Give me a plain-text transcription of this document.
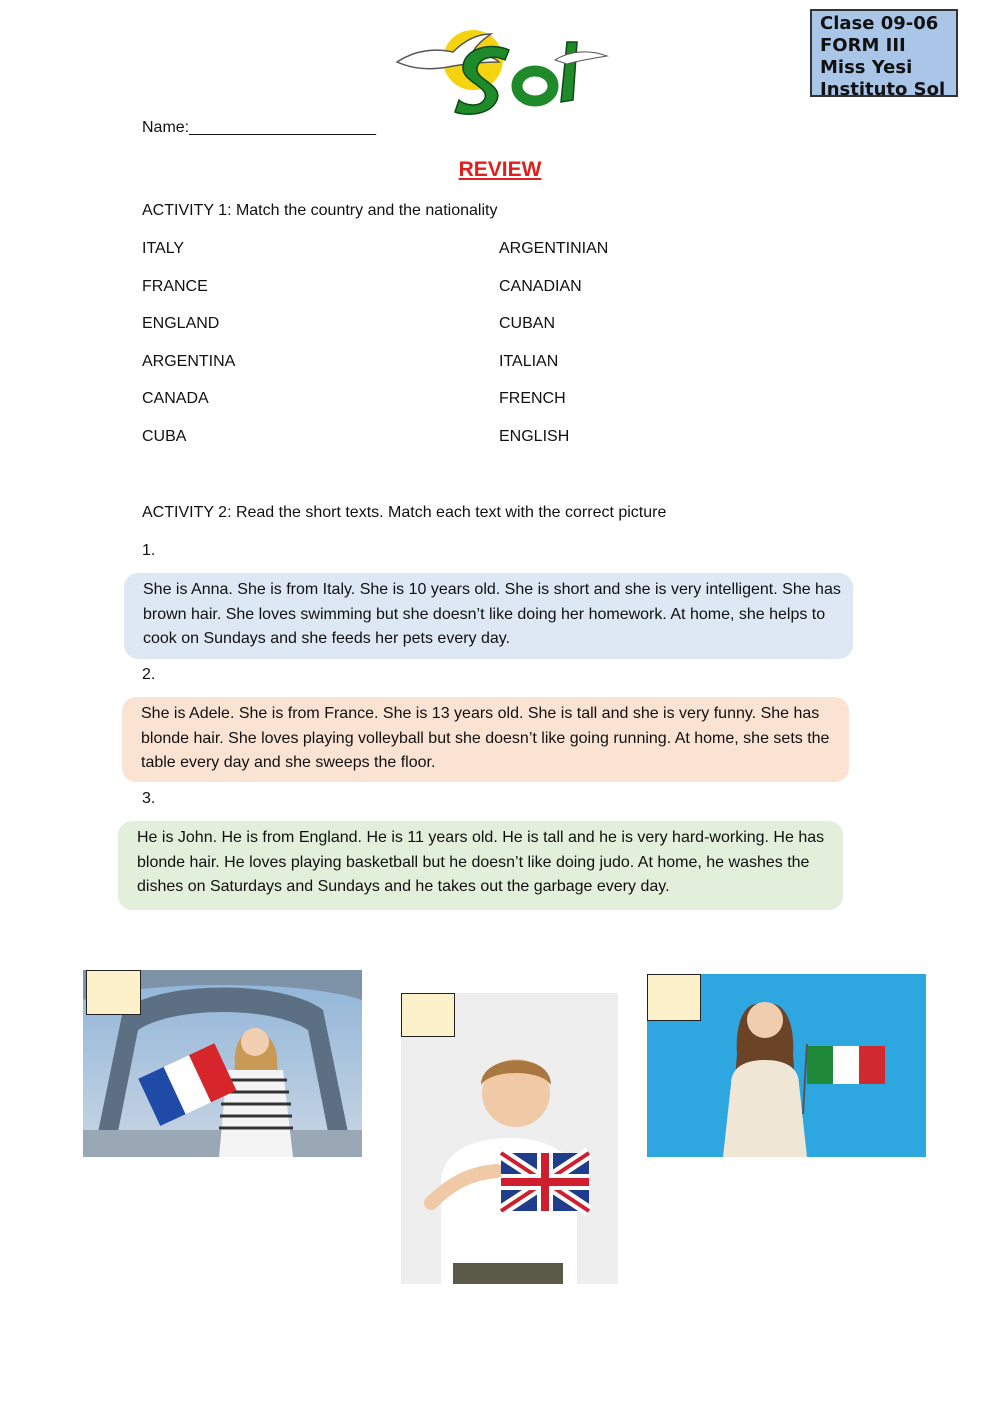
Clase 09-06
FORM III
Miss Yesi
Instituto Sol
Name:_____________________
REVIEW
ACTIVITY 1: Match the country and the nationality
ITALY
FRANCE
ENGLAND
ARGENTINA
CANADA
CUBA
ARGENTINIAN
CANADIAN
CUBAN
ITALIAN
FRENCH
ENGLISH
ACTIVITY 2: Read the short texts. Match each text with the correct picture
1.
She is Anna. She is from Italy. She is 10 years old. She is short and she is very intelligent. She has brown hair. She loves swimming but she doesn’t like doing her homework. At home, she helps to cook on Sundays and she feeds her pets every day.
2.
She is Adele. She is from France. She is 13 years old. She is tall and she is very funny. She has blonde hair. She loves playing volleyball but she doesn’t like going running. At home, she sets the table every day and she sweeps the floor.
3.
He is John. He is from England. He is 11 years old. He is tall and he is very hard-working. He has blonde hair. He loves playing basketball but he doesn’t like doing judo. At home, he washes the dishes on Saturdays and Sundays and he takes out the garbage every day.
